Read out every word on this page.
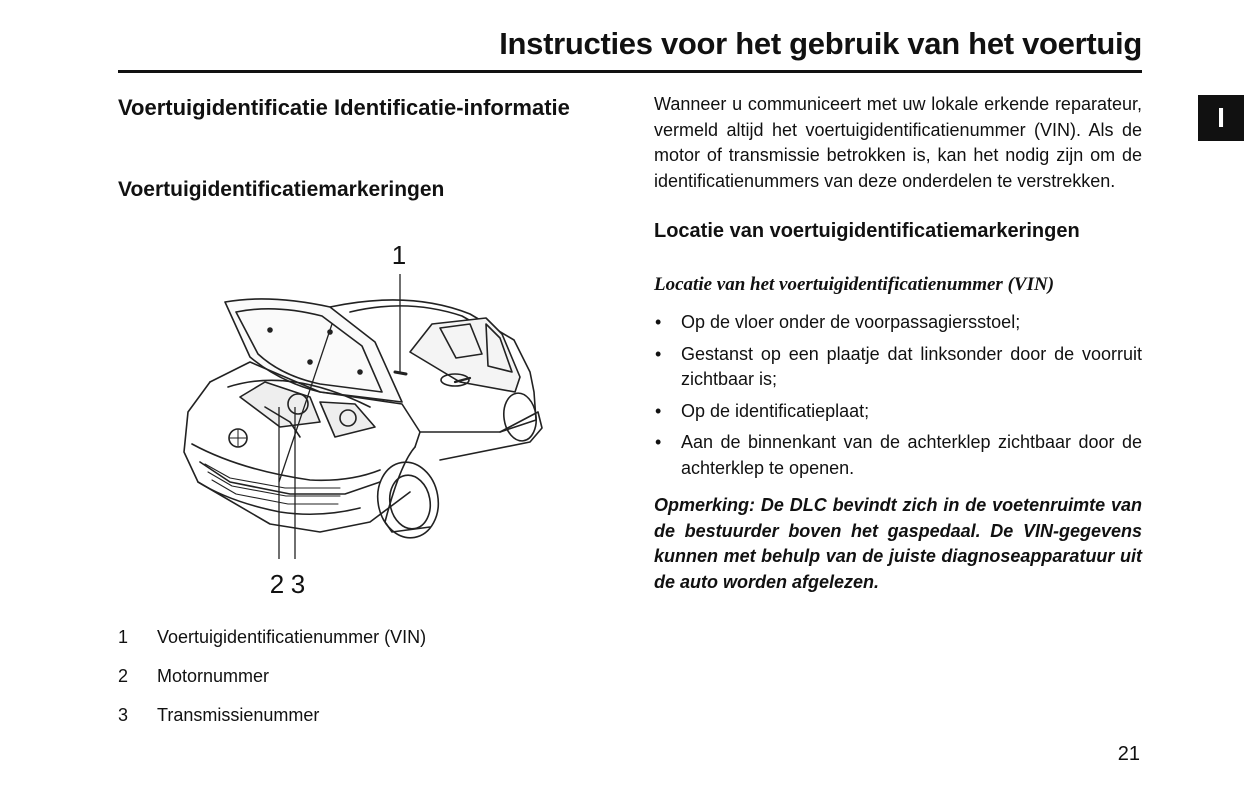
Instructies voor het gebruik van het voertuig
I
Voertuigidentificatie Identificatie-informatie
Voertuigidentificatiemarkeringen
1
2 3
1	Voertuigidentificatienummer (VIN)
2	Motornummer
3	Transmissienummer

Wanneer u communiceert met uw lokale erkende reparateur, vermeld altijd het voertuigidentificatienummer (VIN). Als de motor of transmissie betrokken is, kan het nodig zijn om de identificatienummers van deze onderdelen te verstrekken.

Locatie van voertuigidentificatiemarkeringen
Locatie van het voertuigidentificatienummer (VIN)
• Op de vloer onder de voorpassagiersstoel;
• Gestanst op een plaatje dat linksonder door de voorruit zichtbaar is;
• Op de identificatieplaat;
• Aan de binnenkant van de achterklep zichtbaar door de achterklep te openen.

Opmerking: De DLC bevindt zich in de voetenruimte van de bestuurder boven het gaspedaal. De VIN-gegevens kunnen met behulp van de juiste diagnoseapparatuur uit de auto worden afgelezen.

21
